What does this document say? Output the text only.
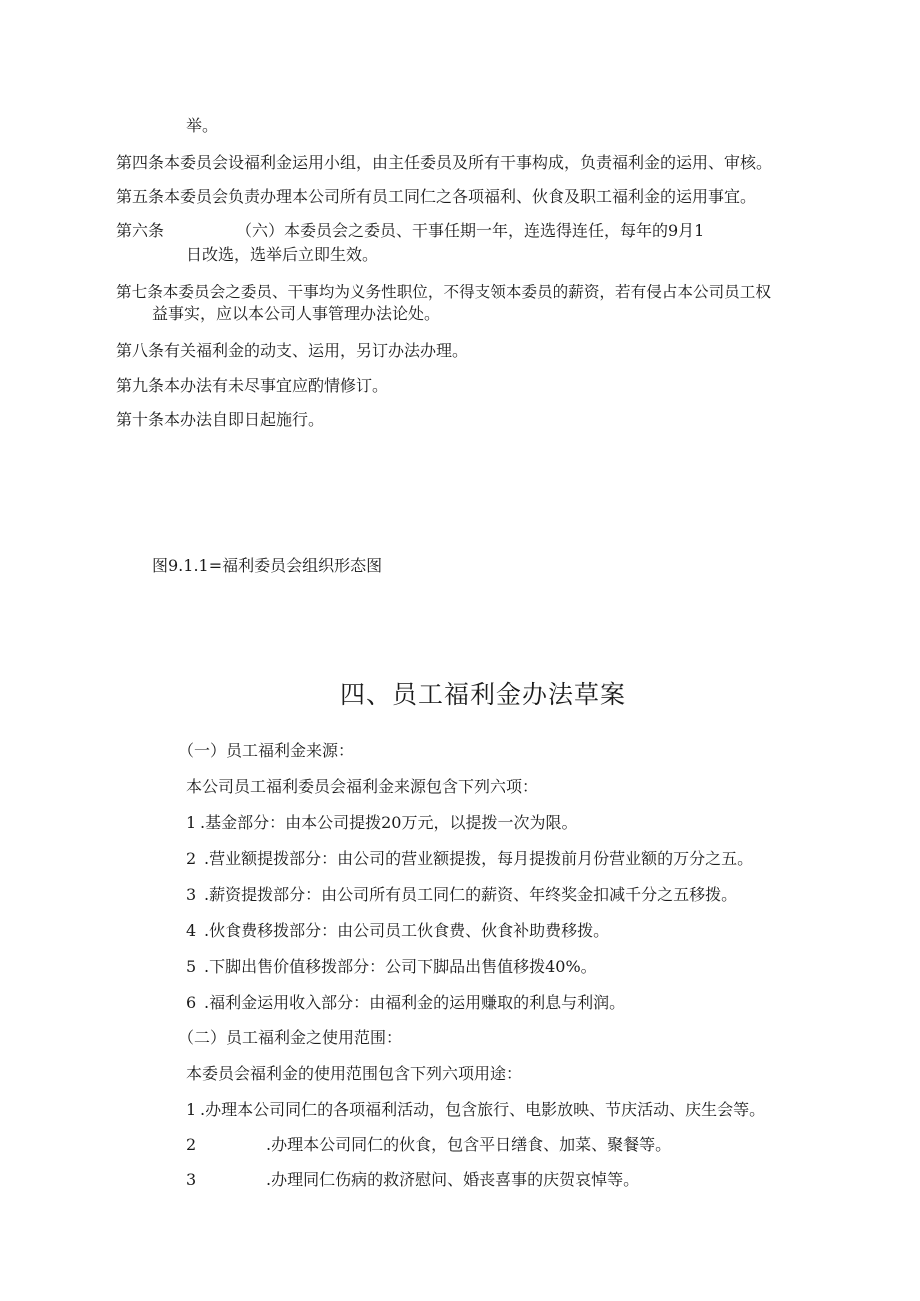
举。
第四条本委员会设福利金运用小组，由主任委员及所有干事构成，负责福利金的运用、审核。
第五条本委员会负责办理本公司所有员工同仁之各项福利、伙食及职工福利金的运用事宜。
第六条	（六）本委员会之委员、干事任期一年，连选得连任，每年的9月1
日改选，选举后立即生效。
第七条本委员会之委员、干事均为义务性职位，不得支领本委员的薪资，若有侵占本公司员工权
益事实，应以本公司人事管理办法论处。
第八条有关福利金的动支、运用，另订办法办理。
第九条本办法有未尽事宜应酌情修订。
第十条本办法自即日起施行。
图9.1.1=福利委员会组织形态图
四、员工福利金办法草案
（一）员工福利金来源：
本公司员工福利委员会福利金来源包含下列六项：
1 .基金部分：由本公司提拨20万元，以提拨一次为限。
2 .营业额提拨部分：由公司的营业额提拨，每月提拨前月份营业额的万分之五。
3 .薪资提拨部分：由公司所有员工同仁的薪资、年终奖金扣减千分之五移拨。
4 .伙食费移拨部分：由公司员工伙食费、伙食补助费移拨。
5 .下脚出售价值移拨部分：公司下脚品出售值移拨40%。
6 .福利金运用收入部分：由福利金的运用赚取的利息与利润。
（二）员工福利金之使用范围：
本委员会福利金的使用范围包含下列六项用途：
1 .办理本公司同仁的各项福利活动，包含旅行、电影放映、节庆活动、庆生会等。
2	.办理本公司同仁的伙食，包含平日缮食、加菜、聚餐等。
3	.办理同仁伤病的救济慰问、婚丧喜事的庆贺哀悼等。
